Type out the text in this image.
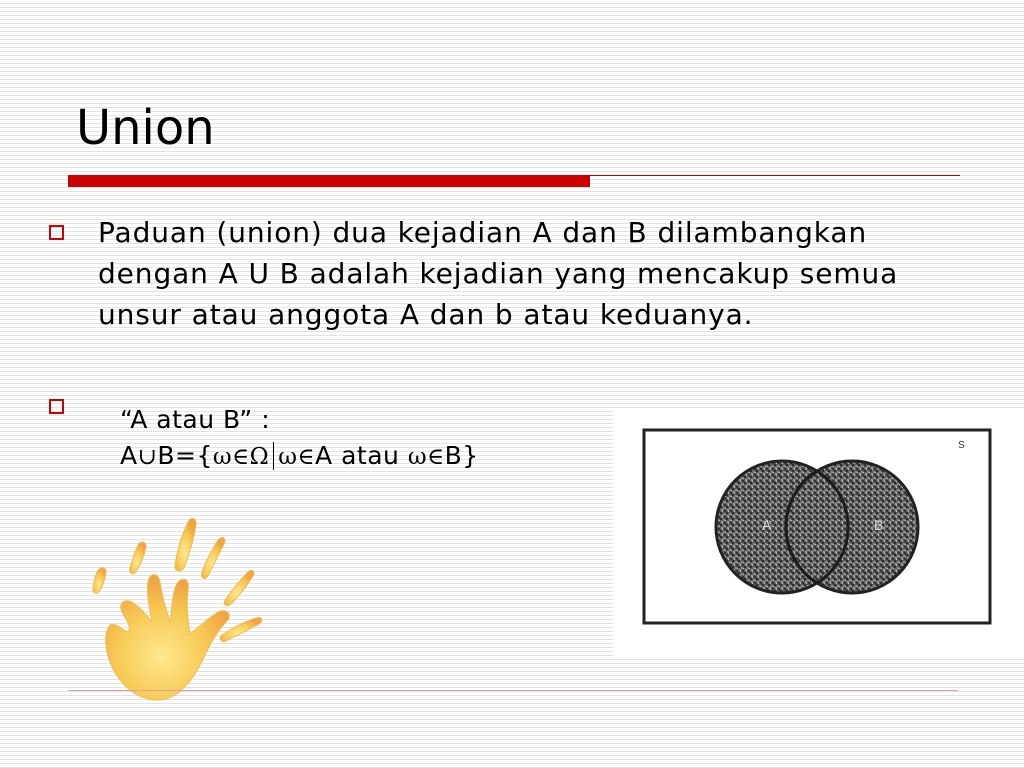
Union

Paduan (union) dua kejadian A dan B dilambangkan dengan A U B adalah kejadian yang mencakup semua unsur atau anggota A dan b atau keduanya.

“A atau B” :
A∪B={ω∈Ω ω∈A atau ω∈B}
A	B
S
